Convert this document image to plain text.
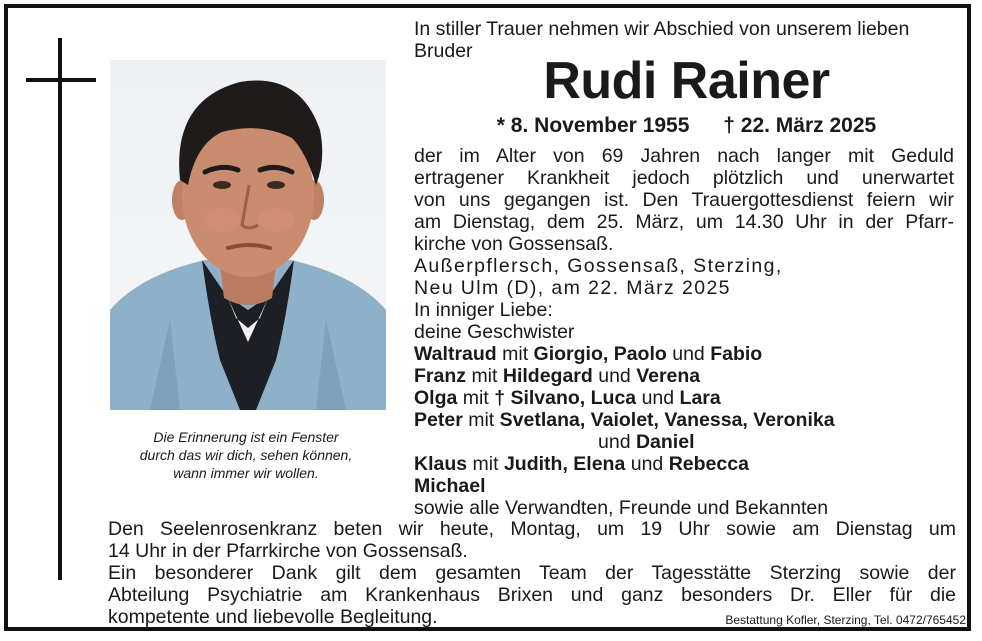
Die Erinnerung ist ein Fenster
durch das wir dich, sehen können,
wann immer wir wollen.
In stiller Trauer nehmen wir Abschied von unserem lieben
Bruder
Rudi Rainer
* 8. November 1955 † 22. März 2025
der im Alter von 69 Jahren nach langer mit Geduld
ertragener Krankheit jedoch plötzlich und unerwartet
von uns gegangen ist. Den Trauergottesdienst feiern wir
am Dienstag, dem 25. März, um 14.30 Uhr in der Pfarr-
kirche von Gossensaß.
Außerpflersch, Gossensaß, Sterzing,
Neu Ulm (D), am 22. März 2025
In inniger Liebe:
deine Geschwister
Waltraud mit Giorgio, Paolo und Fabio
Franz mit Hildegard und Verena
Olga mit † Silvano, Luca und Lara
Peter mit Svetlana, Vaiolet, Vanessa, Veronika
und Daniel
Klaus mit Judith, Elena und Rebecca
Michael
sowie alle Verwandten, Freunde und Bekannten
Den Seelenrosenkranz beten wir heute, Montag, um 19 Uhr sowie am Dienstag um
14 Uhr in der Pfarrkirche von Gossensaß.
Ein besonderer Dank gilt dem gesamten Team der Tagesstätte Sterzing sowie der
Abteilung Psychiatrie am Krankenhaus Brixen und ganz besonders Dr. Eller für die
kompetente und liebevolle Begleitung.	Bestattung Kofler, Sterzing, Tel. 0472/765452
